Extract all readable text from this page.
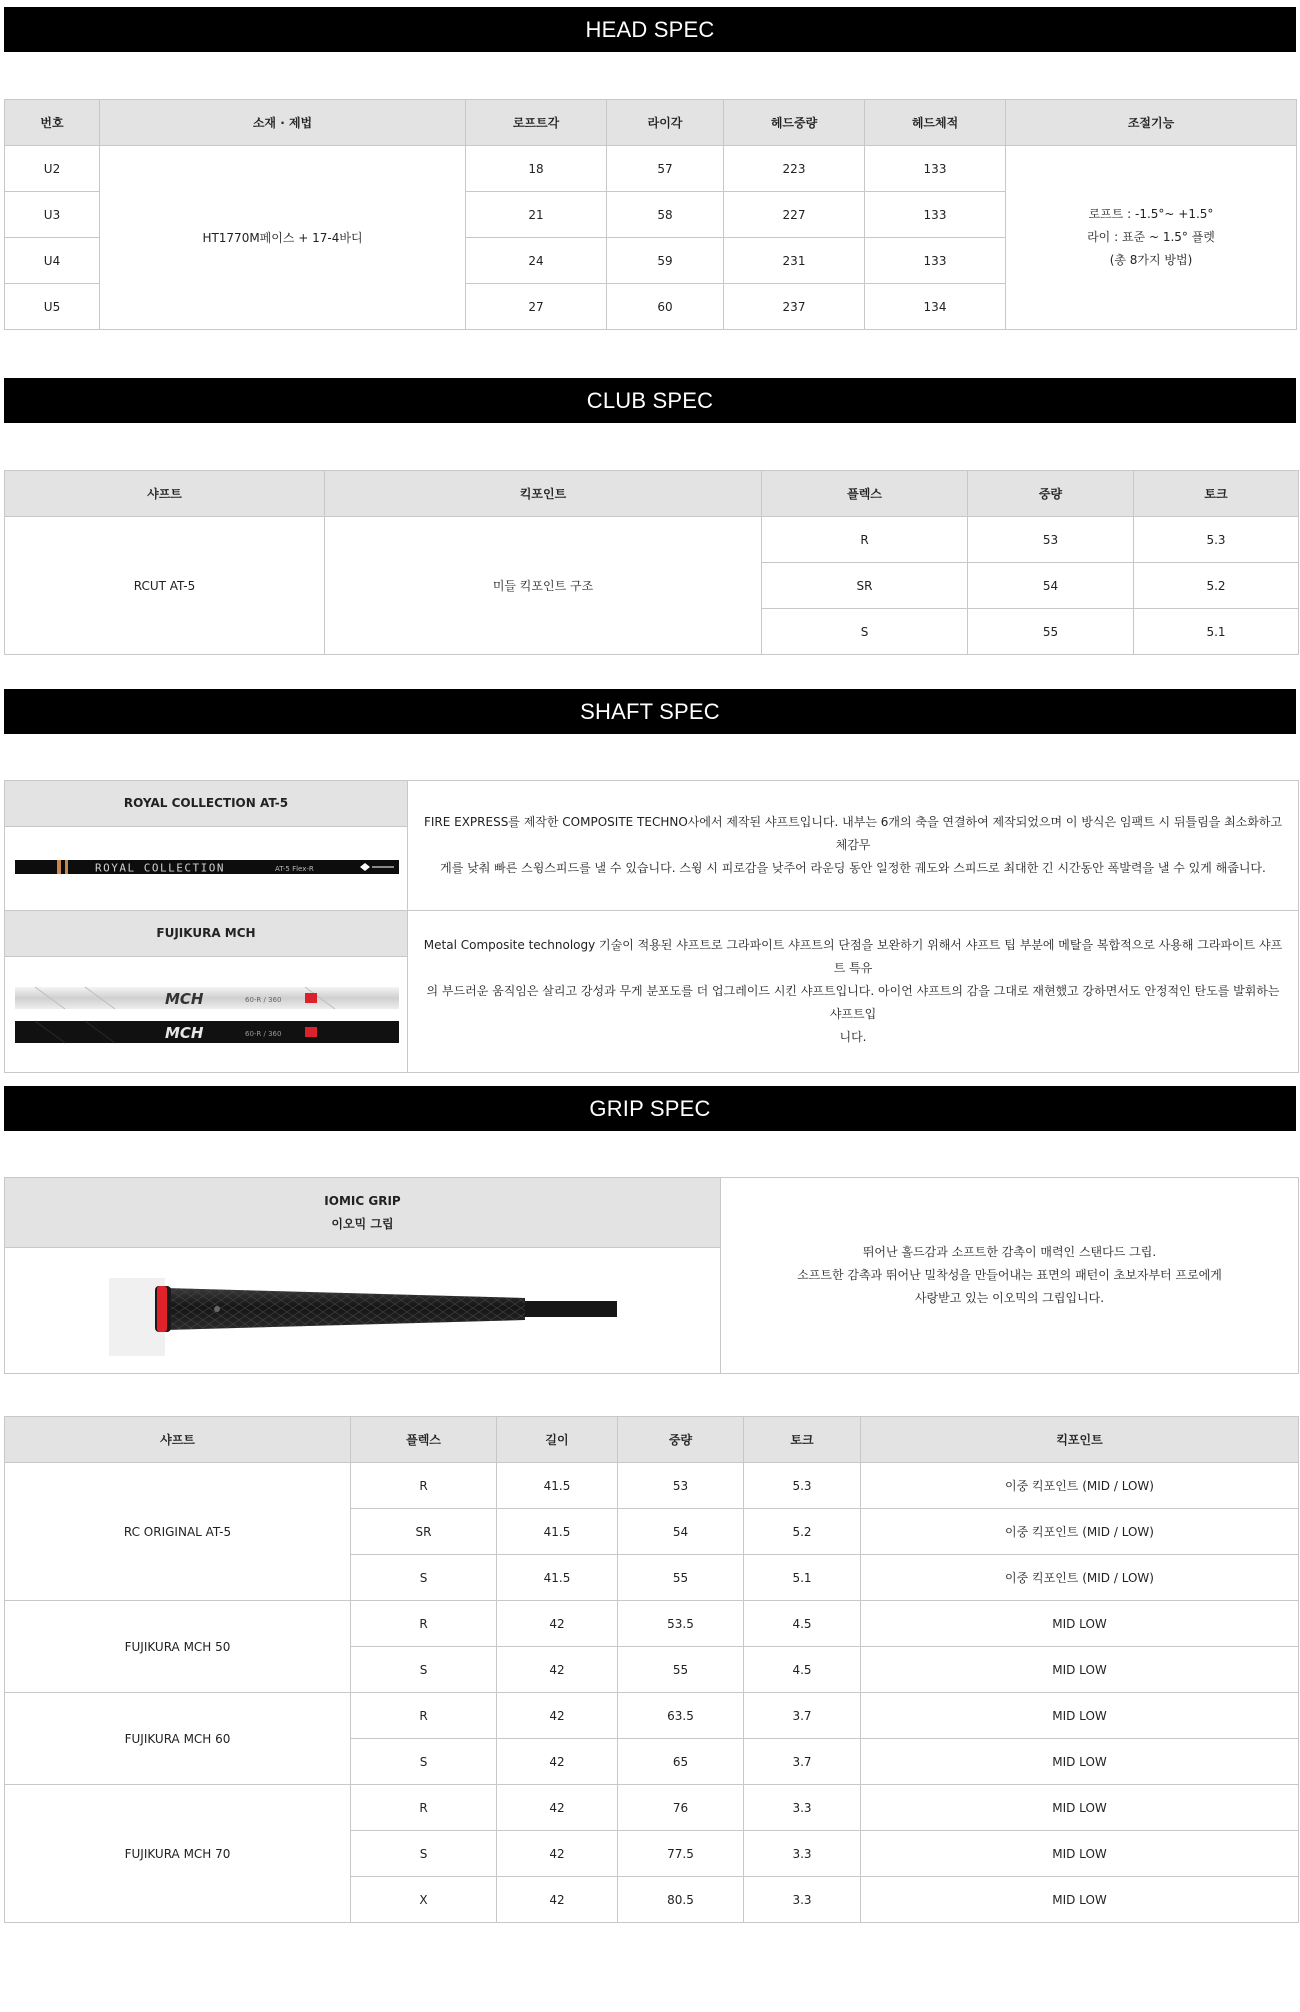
HEAD SPEC
번호	소재 · 제법	로프트각	라이각	헤드중량	헤드체적	조절기능
U2	HT1770M페이스 + 17-4바디	18	57	223	133	로프트 : -1.5°~ +1.5°
라이 : 표준 ~ 1.5° 플렛
(총 8가지 방법)

U3		21	58	227	133	
U4		24	59	231	133	
U5		27	60	237	134	
CLUB SPEC
샤프트	킥포인트	플렉스	중량	토크
RCUT AT-5	미들 킥포인트 구조	R	53	5.3
		SR	54	5.2
		S	55	5.1
SHAFT SPEC
ROYAL COLLECTION AT-5	FIRE EXPRESS를 제작한 COMPOSITE TECHNO사에서 제작된 샤프트입니다. 내부는 6개의 축을 연결하여 제작되었으며 이 방식은 임팩트 시 뒤틀림을 최소화하고 체감무
게를 낮춰 빠른 스윙스피드를 낼 수 있습니다. 스윙 시 피로감을 낮주어 라운딩 동안 일정한 궤도와 스피드로 최대한 긴 시간동안 폭발력을 낼 수 있게 해줍니다.

ROYAL COLLECTION AT-5 Flex-R	

FUJIKURA MCH	Metal Composite technology 기술이 적용된 샤프트로 그라파이트 샤프트의 단점을 보완하기 위해서 샤프트 팁 부분에 메탈을 복합적으로 사용해 그라파이트 샤프트 특유
의 부드러운 움직임은 살리고 강성과 무게 분포도를 더 업그레이드 시킨 샤프트입니다. 아이언 샤프트의 감을 그대로 재현했고 강하면서도 안정적인 탄도를 발휘하는 샤프트입
니다.

MCH 60-R / 360
MCH 60-R / 360	
GRIP SPEC
IOMIC GRIP
이오믹 그립

뛰어난 홀드감과 소프트한 감촉이 매력인 스탠다드 그립.
소프트한 감촉과 뛰어난 밀착성을 만들어내는 표면의 패턴이 초보자부터 프로에게
사랑받고 있는 이오믹의 그립입니다.

샤프트	플렉스	길이	중량	토크	킥포인트
RC ORIGINAL AT-5	R	41.5	53	5.3	이중 킥포인트 (MID / LOW)
	SR	41.5	54	5.2	이중 킥포인트 (MID / LOW)
	S	41.5	55	5.1	이중 킥포인트 (MID / LOW)
FUJIKURA MCH 50	R	42	53.5	4.5	MID LOW
	S	42	55	4.5	MID LOW
FUJIKURA MCH 60	R	42	63.5	3.7	MID LOW
	S	42	65	3.7	MID LOW
FUJIKURA MCH 70	R	42	76	3.3	MID LOW
	S	42	77.5	3.3	MID LOW
	X	42	80.5	3.3	MID LOW
